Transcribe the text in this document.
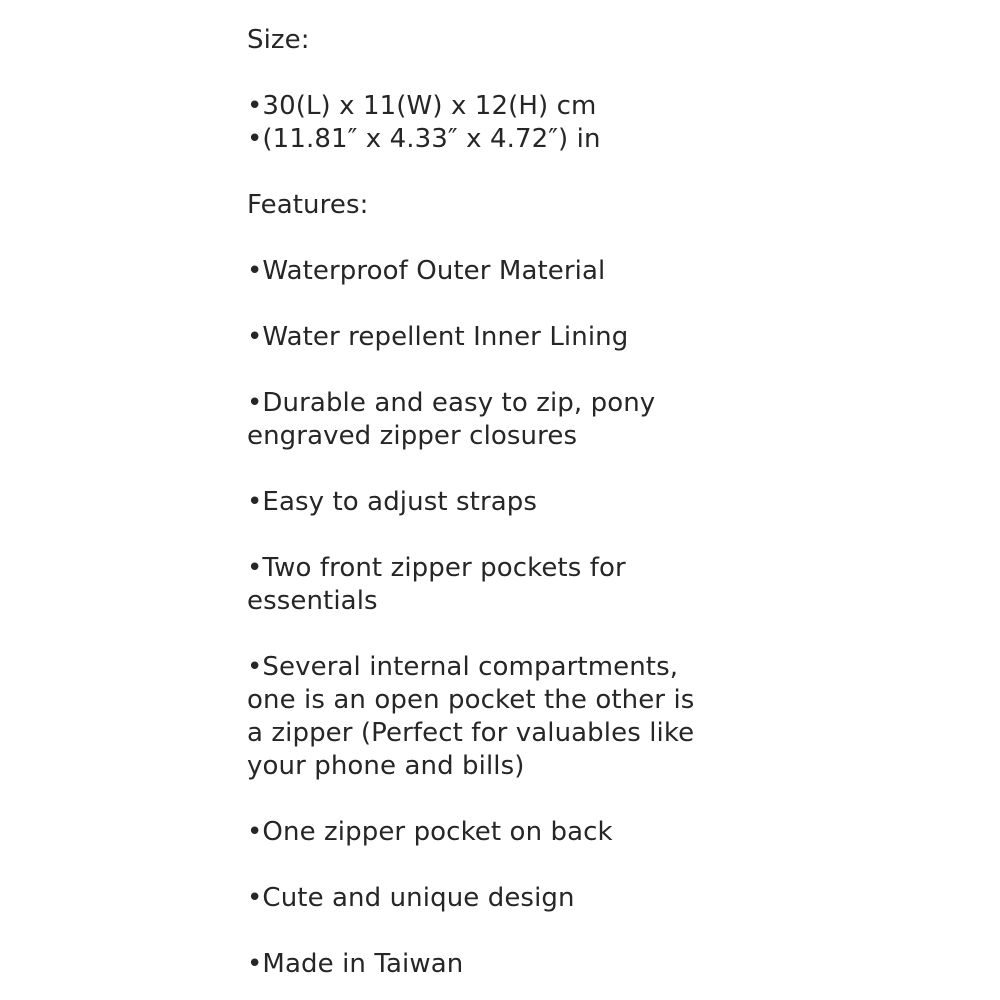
Size:
•30(L) x 11(W) x 12(H) cm
•(11.81″ x 4.33″ x 4.72″) in
Features:
•Waterproof Outer Material
•Water repellent Inner Lining
•Durable and easy to zip, pony
engraved zipper closures
•Easy to adjust straps
•Two front zipper pockets for
essentials
•Several internal compartments,
one is an open pocket the other is
a zipper (Perfect for valuables like
your phone and bills)
•One zipper pocket on back
•Cute and unique design
•Made in Taiwan
